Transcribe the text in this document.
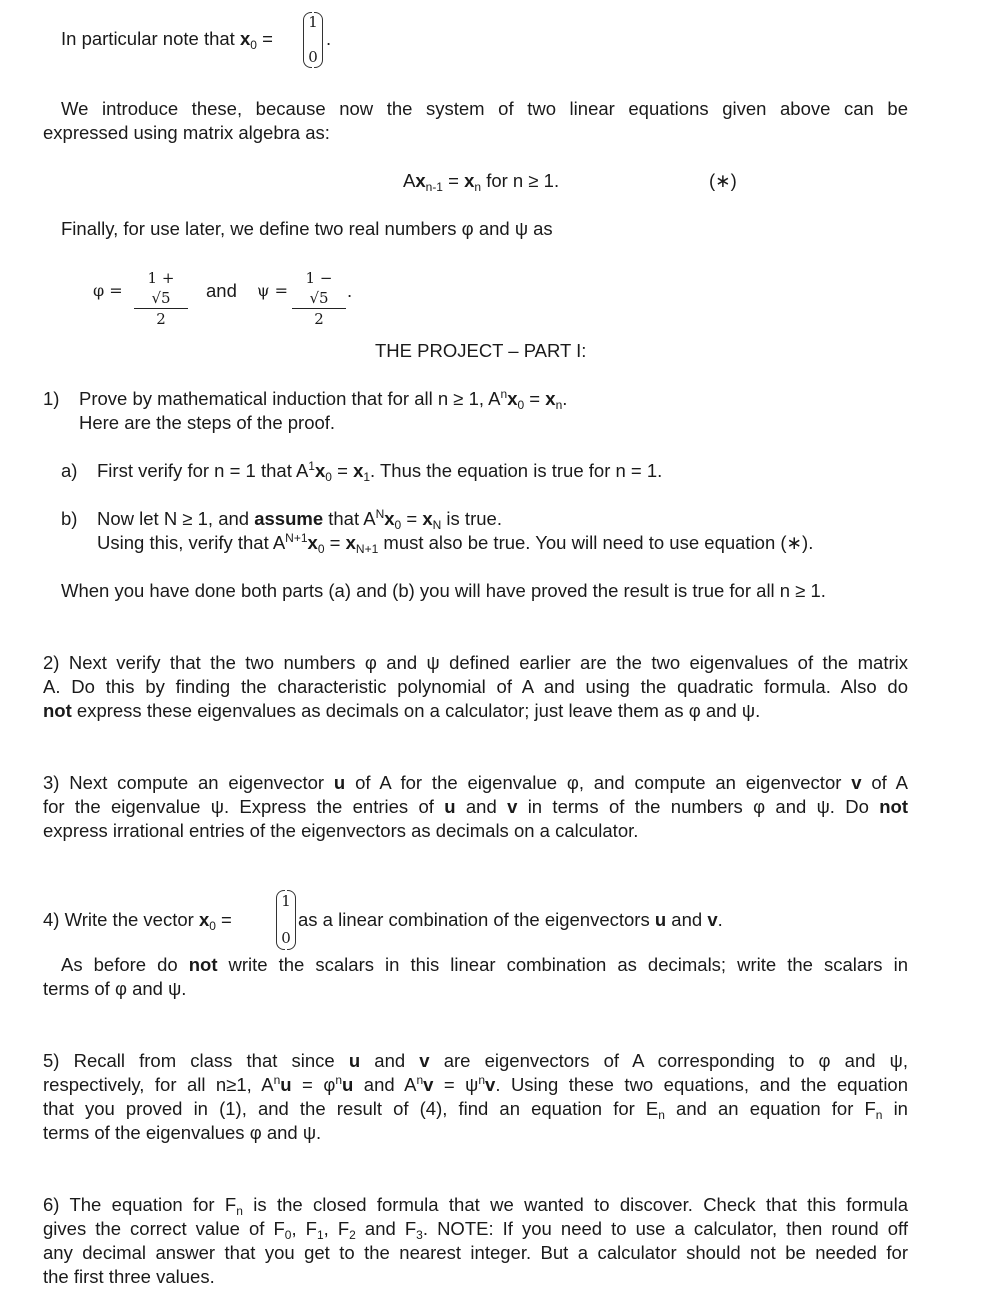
In particular note that $x_0$ =
1
0
.
We introduce these, because now the system of two linear equations given above can be
expressed using matrix algebra as:
$Ax_{n-1} = x_n$ for n ≥ 1.	(∗)
Finally, for use later, we define two real numbers φ and ψ as
φ =
1 + √5
2
and ψ =
1 − √5
2
.
THE PROJECT – PART I:
1) Prove by mathematical induction that for all n ≥ 1, $A^nx_0 = x_n$.
Here are the steps of the proof.
a) First verify for n = 1 that $A^1x_0 = x_1$. Thus the equation is true for n = 1.
b) Now let N ≥ 1, and assume that $A^Nx_0 = x_N$ is true.
Using this, verify that $A^{N+1}x_0 = x_{N+1}$ must also be true. You will need to use equation (∗).
When you have done both parts (a) and (b) you will have proved the result is true for all n ≥ 1.
2) Next verify that the two numbers φ and ψ defined earlier are the two eigenvalues of the matrix
A. Do this by finding the characteristic polynomial of A and using the quadratic formula. Also do
not express these eigenvalues as decimals on a calculator; just leave them as φ and ψ.
3) Next compute an eigenvector u of A for the eigenvalue φ, and compute an eigenvector v of A
for the eigenvalue ψ. Express the entries of u and v in terms of the numbers φ and ψ. Do not
express irrational entries of the eigenvectors as decimals on a calculator.
4) Write the vector $x_0$ =
1
0
as a linear combination of the eigenvectors u and v.
As before do not write the scalars in this linear combination as decimals; write the scalars in
terms of φ and ψ.
5) Recall from class that since u and v are eigenvectors of A corresponding to φ and ψ,
respectively, for all n≥1, $A^nu = \varphi^nu$ and $A^nv = \psi^nv$. Using these two equations, and the equation
that you proved in (1), and the result of (4), find an equation for $E_n$ and an equation for $F_n$ in
terms of the eigenvalues φ and ψ.
6) The equation for $F_n$ is the closed formula that we wanted to discover. Check that this formula
gives the correct value of $F_0$, $F_1$, $F_2$ and $F_3$. NOTE: If you need to use a calculator, then round off
any decimal answer that you get to the nearest integer. But a calculator should not be needed for
the first three values.
